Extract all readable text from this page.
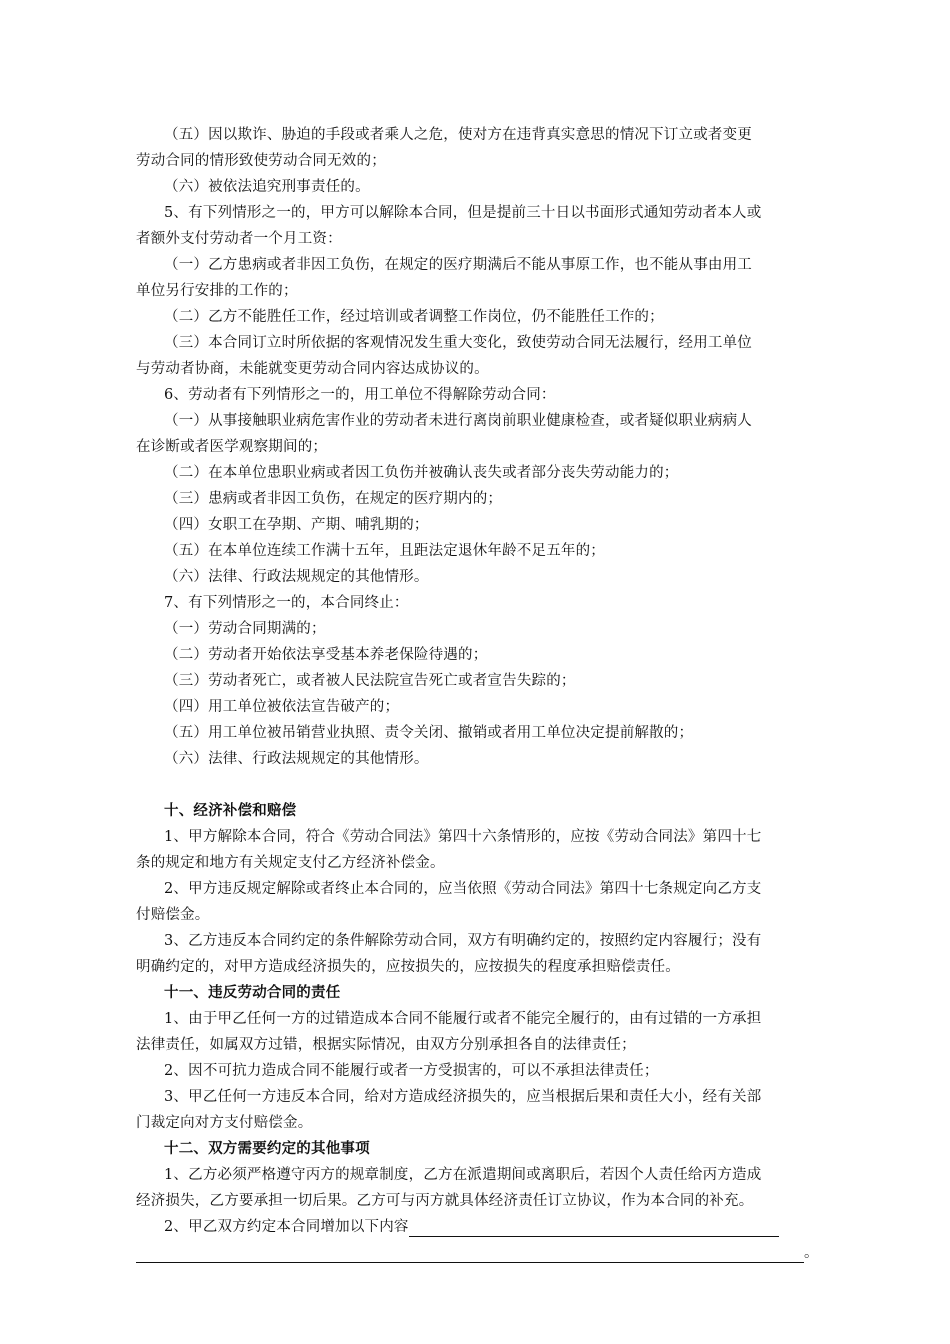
（五）因以欺诈、胁迫的手段或者乘人之危，使对方在违背真实意思的情况下订立或者变更
劳动合同的情形致使劳动合同无效的；
（六）被依法追究刑事责任的。
5、有下列情形之一的，甲方可以解除本合同，但是提前三十日以书面形式通知劳动者本人或
者额外支付劳动者一个月工资：
（一）乙方患病或者非因工负伤，在规定的医疗期满后不能从事原工作，也不能从事由用工
单位另行安排的工作的；
（二）乙方不能胜任工作，经过培训或者调整工作岗位，仍不能胜任工作的；
（三）本合同订立时所依据的客观情况发生重大变化，致使劳动合同无法履行，经用工单位
与劳动者协商，未能就变更劳动合同内容达成协议的。
6、劳动者有下列情形之一的，用工单位不得解除劳动合同：
（一）从事接触职业病危害作业的劳动者未进行离岗前职业健康检查，或者疑似职业病病人
在诊断或者医学观察期间的；
（二）在本单位患职业病或者因工负伤并被确认丧失或者部分丧失劳动能力的；
（三）患病或者非因工负伤，在规定的医疗期内的；
（四）女职工在孕期、产期、哺乳期的；
（五）在本单位连续工作满十五年，且距法定退休年龄不足五年的；
（六）法律、行政法规规定的其他情形。
7、有下列情形之一的，本合同终止：
（一）劳动合同期满的；
（二）劳动者开始依法享受基本养老保险待遇的；
（三）劳动者死亡，或者被人民法院宣告死亡或者宣告失踪的；
（四）用工单位被依法宣告破产的；
（五）用工单位被吊销营业执照、责令关闭、撤销或者用工单位决定提前解散的；
（六）法律、行政法规规定的其他情形。
十、经济补偿和赔偿
1、甲方解除本合同，符合《劳动合同法》第四十六条情形的，应按《劳动合同法》第四十七
条的规定和地方有关规定支付乙方经济补偿金。
2、甲方违反规定解除或者终止本合同的，应当依照《劳动合同法》第四十七条规定向乙方支
付赔偿金。
3、乙方违反本合同约定的条件解除劳动合同，双方有明确约定的，按照约定内容履行；没有
明确约定的，对甲方造成经济损失的，应按损失的，应按损失的程度承担赔偿责任。
十一、违反劳动合同的责任
1、由于甲乙任何一方的过错造成本合同不能履行或者不能完全履行的，由有过错的一方承担
法律责任，如属双方过错，根据实际情况，由双方分别承担各自的法律责任；
2、因不可抗力造成合同不能履行或者一方受损害的，可以不承担法律责任；
3、甲乙任何一方违反本合同，给对方造成经济损失的，应当根据后果和责任大小，经有关部
门裁定向对方支付赔偿金。
十二、双方需要约定的其他事项
1、乙方必须严格遵守丙方的规章制度，乙方在派遣期间或离职后，若因个人责任给丙方造成
经济损失，乙方要承担一切后果。乙方可与丙方就具体经济责任订立协议，作为本合同的补充。
2、甲乙双方约定本合同增加以下内容
。
